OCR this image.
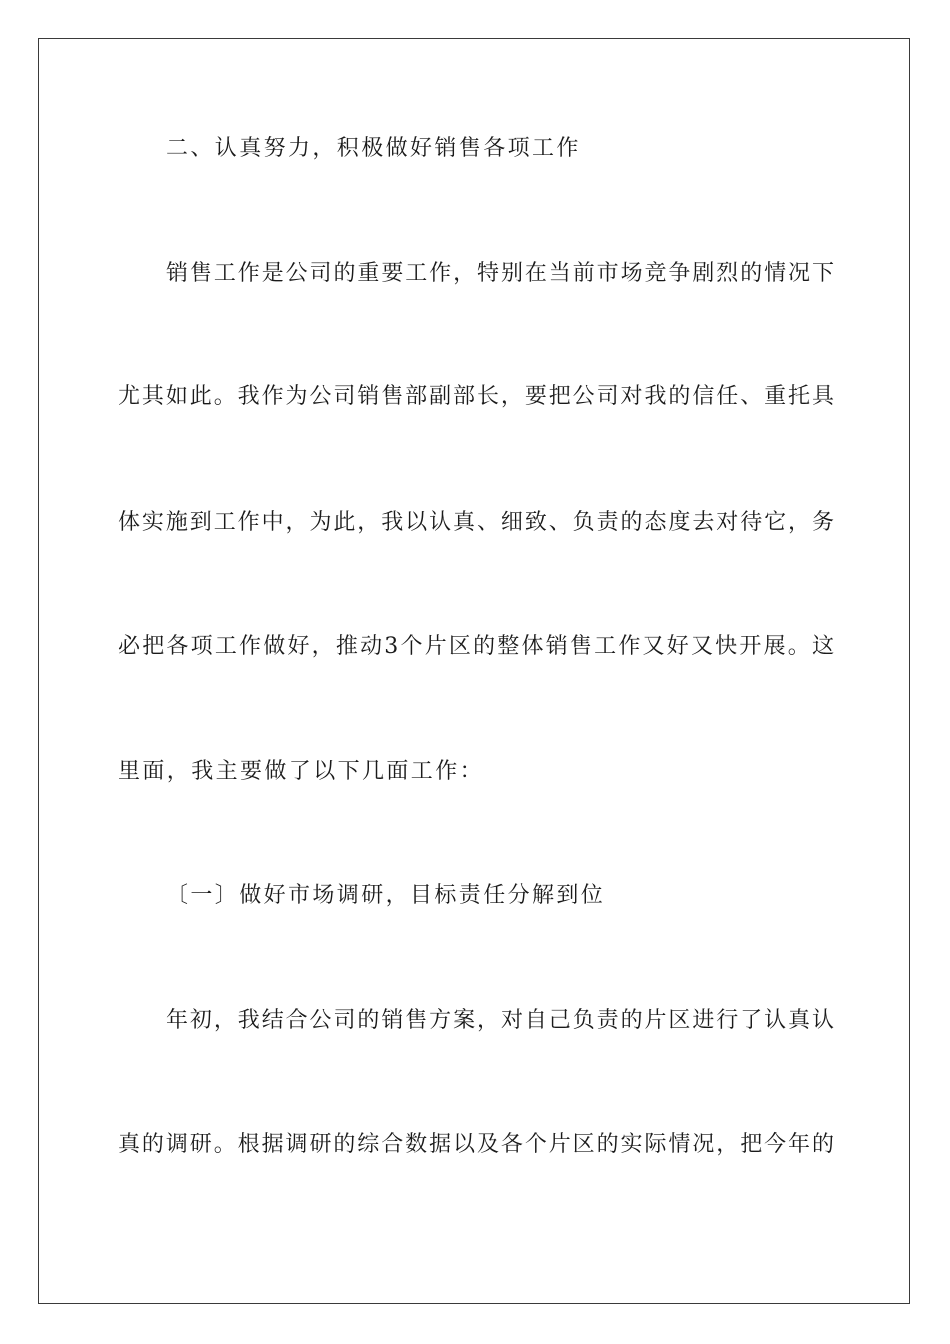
二、认真努力，积极做好销售各项工作
销售工作是公司的重要工作，特别在当前市场竞争剧烈的情况下
尤其如此。我作为公司销售部副部长，要把公司对我的信任、重托具
体实施到工作中，为此，我以认真、细致、负责的态度去对待它，务
必把各项工作做好，推动3个片区的整体销售工作又好又快开展。这
里面，我主要做了以下几面工作：
〔一〕做好市场调研，目标责任分解到位
年初，我结合公司的销售方案，对自己负责的片区进行了认真认
真的调研。根据调研的综合数据以及各个片区的实际情况，把今年的
